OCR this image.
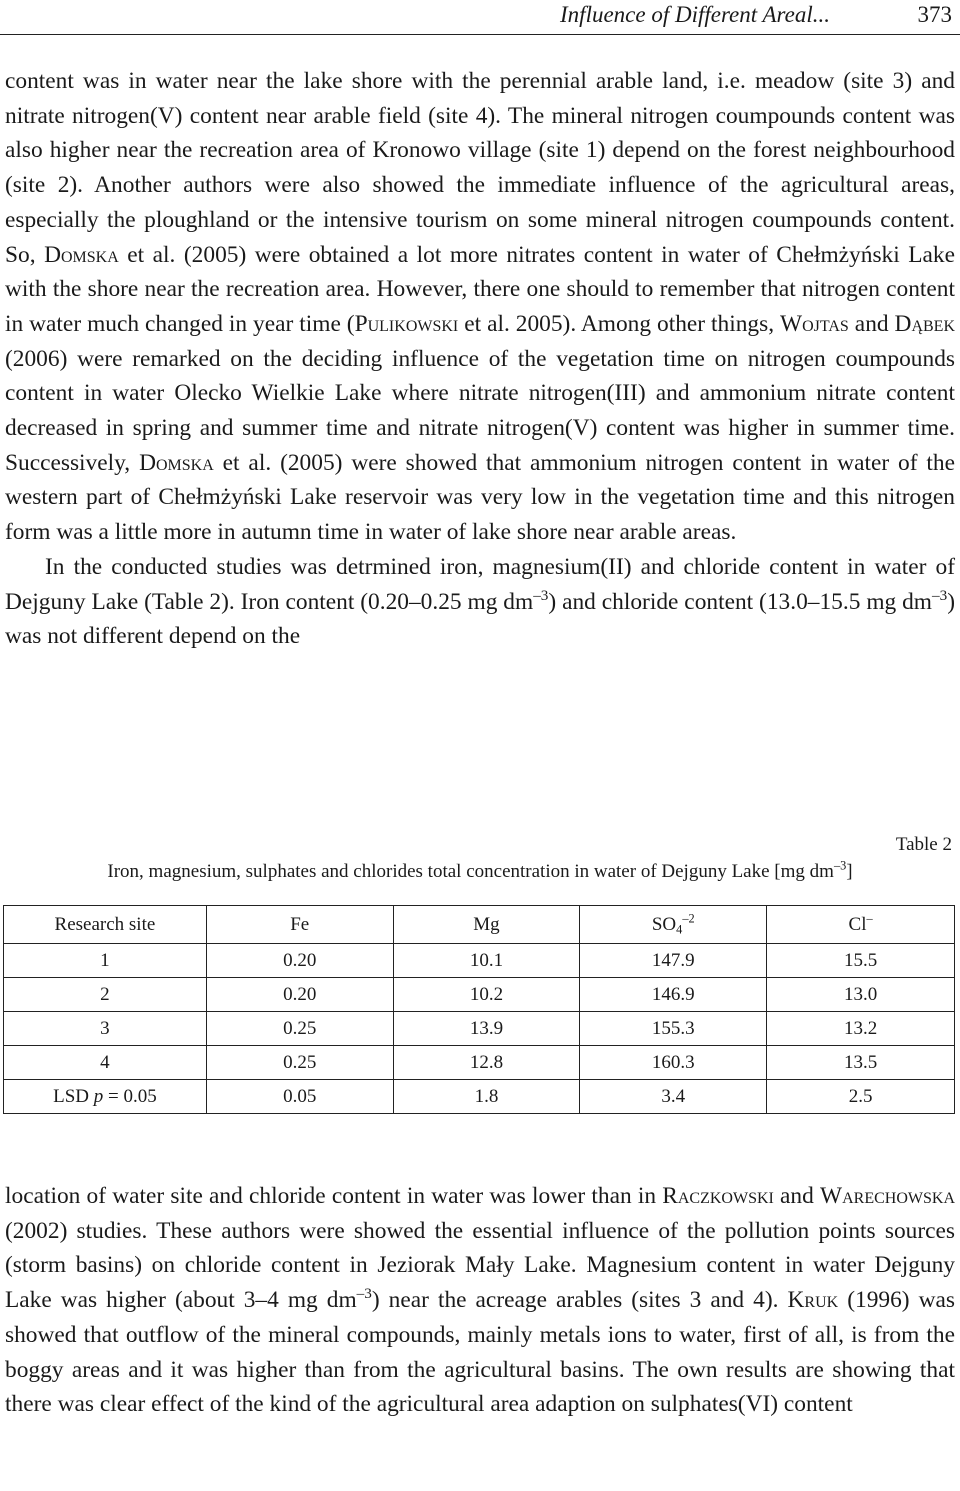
Influence of Different Areal...	373

content was in water near the lake shore with the perennial arable land, i.e. meadow (site 3) and nitrate nitrogen(V) content near arable field (site 4). The mineral nitrogen coumpounds content was also higher near the recreation area of Kronowo village (site 1) depend on the forest neighbourhood (site 2). Another authors were also showed the immediate influence of the agricultural areas, especially the ploughland or the intensive tourism on some mineral nitrogen coumpounds content. So, Domska et al. (2005) were obtained a lot more nitrates content in water of Chełmżyński Lake with the shore near the recreation area. However, there one should to remember that nitrogen content in water much changed in year time (Pulikowski et al. 2005). Among other things, Wojtas and Dąbek (2006) were remarked on the deciding influence of the vegetation time on nitrogen coumpounds content in water Olecko Wielkie Lake where nitrate nitrogen(III) and ammonium nitrate content decreased in spring and summer time and nitrate nitrogen(V) content was higher in summer time. Successively, Domska et al. (2005) were showed that ammonium nitrogen content in water of the western part of Chełmżyński Lake reservoir was very low in the vegetation time and this nitrogen form was a little more in autumn time in water of lake shore near arable areas.

In the conducted studies was detrmined iron, magnesium(II) and chloride content in water of Dejguny Lake (Table 2). Iron content (0.20–0.25 mg $dm^{-3}$) and chloride content (13.0–15.5 mg $dm^{-3}$) was not different depend on the

Table 2
Iron, magnesium, sulphates and chlorides total concentration in water of Dejguny Lake [mg $dm^{-3}$]
Research site	Fe	Mg	$SO_4^{-2}$	Cl–
1	0.20	10.1	147.9	15.5
2	0.20	10.2	146.9	13.0
3	0.25	13.9	155.3	13.2
4	0.25	12.8	160.3	13.5
LSD p = 0.05	0.05	1.8	3.4	2.5

location of water site and chloride content in water was lower than in Raczkowski and Warechowska (2002) studies. These authors were showed the essential influence of the pollution points sources (storm basins) on chloride content in Jeziorak Mały Lake. Magnesium content in water Dejguny Lake was higher (about 3–4 mg $dm^{-3}$) near the acreage arables (sites 3 and 4). Kruk (1996) was showed that outflow of the mineral compounds, mainly metals ions to water, first of all, is from the boggy areas and it was higher than from the agricultural basins. The own results are showing that there was clear effect of the kind of the agricultural area adaption on sulphates(VI) content
